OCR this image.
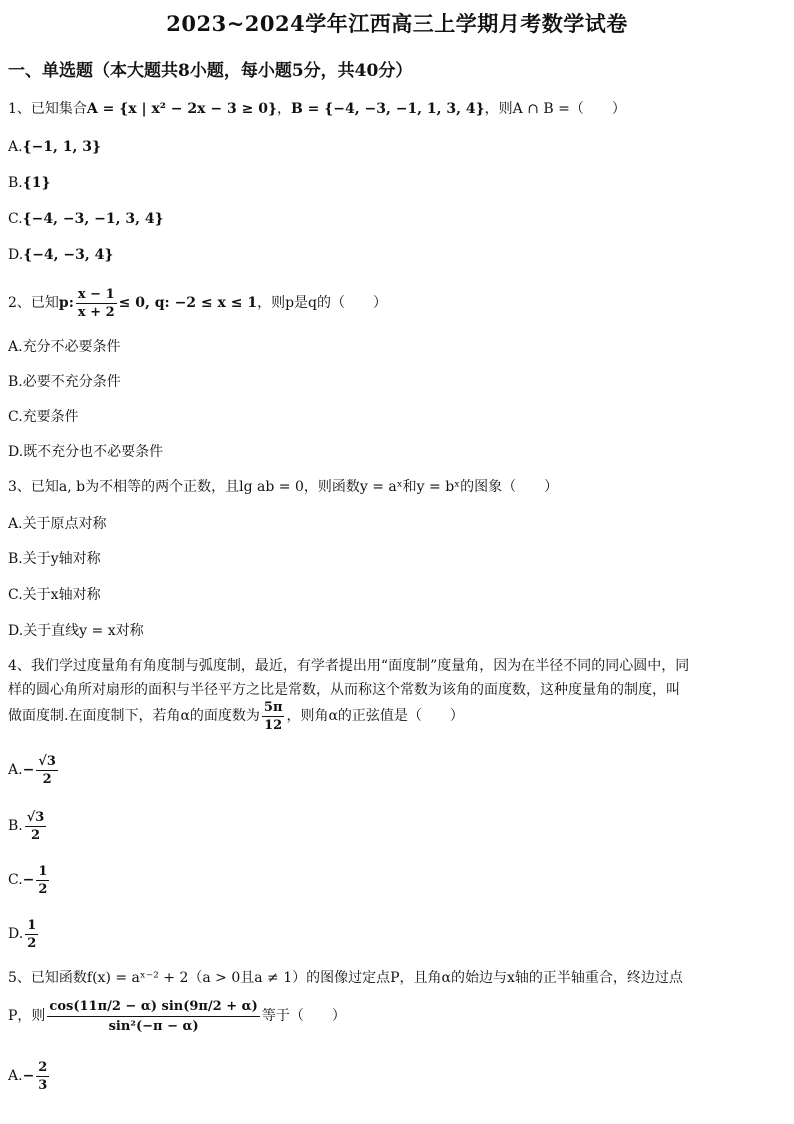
2023~2024学年江西高三上学期月考数学试卷
一、单选题（本大题共8小题，每小题5分，共40分）
1、已知集合A = {x | x² − 2x − 3 ≥ 0}，B = {−4, −3, −1, 1, 3, 4}，则A ∩ B =（　　）
A.{−1, 1, 3}
B.{1}
C.{−4, −3, −1, 3, 4}
D.{−4, −3, 4}
2、已知p: $\frac{x - 1}{x + 2} \le 0$, q: −2 ≤ x ≤ 1，则p是q的（　　）
A.充分不必要条件
B.必要不充分条件
C.充要条件
D.既不充分也不必要条件
3、已知a, b为不相等的两个正数，且lg ab = 0，则函数y = aˣ和y = bˣ的图象（　　）
A.关于原点对称
B.关于y轴对称
C.关于x轴对称
D.关于直线y = x对称
4、我们学过度量角有角度制与弧度制，最近，有学者提出用“面度制”度量角，因为在半径不同的同心圆中，同
样的圆心角所对扇形的面积与半径平方之比是常数，从而称这个常数为该角的面度数，这种度量角的制度，叫
做面度制.在面度制下，若角α的面度数为 $\frac{5\pi}{12}$ ，则角α的正弦值是（　　）
$A.- \frac{√3}{2}$
B. $\frac{√3}{2}$
$C.- \frac{1}{2}$
D. $\frac{1}{2}$
5、已知函数f(x) = aˣ⁻² + 2（a > 0且a ≠ 1）的图像过定点P，且角α的始边与x轴的正半轴重合，终边过点
P，则 $\frac{\cos(11\pi/2 - \alpha) \sin(9\pi/2 + \alpha)}{\text{sin²(−π − α)}}$ 等于（　　）
$A.- \frac{2}{3}$
